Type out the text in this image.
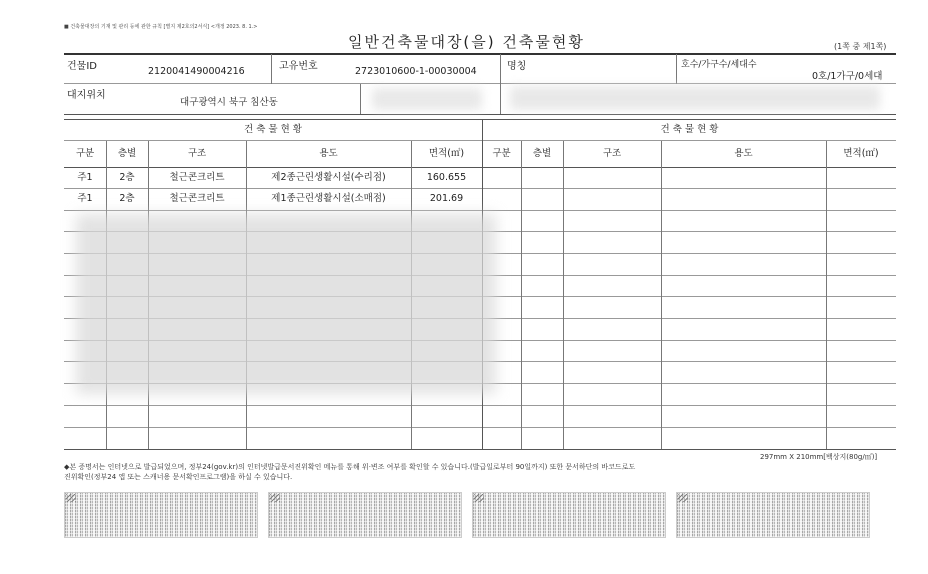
■ 건축물대장의 기재 및 관리 등에 관한 규칙 [별지 제2호의2서식] <개정 2023. 8. 1.>
일반건축물대장(을) 건축물현황	(1쪽 중 제1쪽)
건물ID	2120041490004216	고유번호	2723010600-1-00030004	명칭	호수/가구수/세대수
0호/1가구/0세대
대지위치
대구광역시 북구 침산동
건 축 물 현 황	건 축 물 현 황
구분	층별	구조	용도	면적(㎡)	구분	층별	구조	용도	면적(㎡)
주1	2층	철근콘크리트	제2종근린생활시설(수리점)	160.655
주1	2층	철근콘크리트	제1종근린생활시설(소매점)	201.69
297mm X 210mm[백상지(80g/㎡)]
◆본 증명서는 인터넷으로 발급되었으며, 정부24(gov.kr)의 인터넷발급문서진위확인 메뉴를 통해 위·변조 여부를 확인할 수 있습니다.(발급일로부터 90일까지) 또한 문서하단의 바코드로도
진위확인(정부24 앱 또는 스캐너용 문서확인프로그램)을 하실 수 있습니다.
